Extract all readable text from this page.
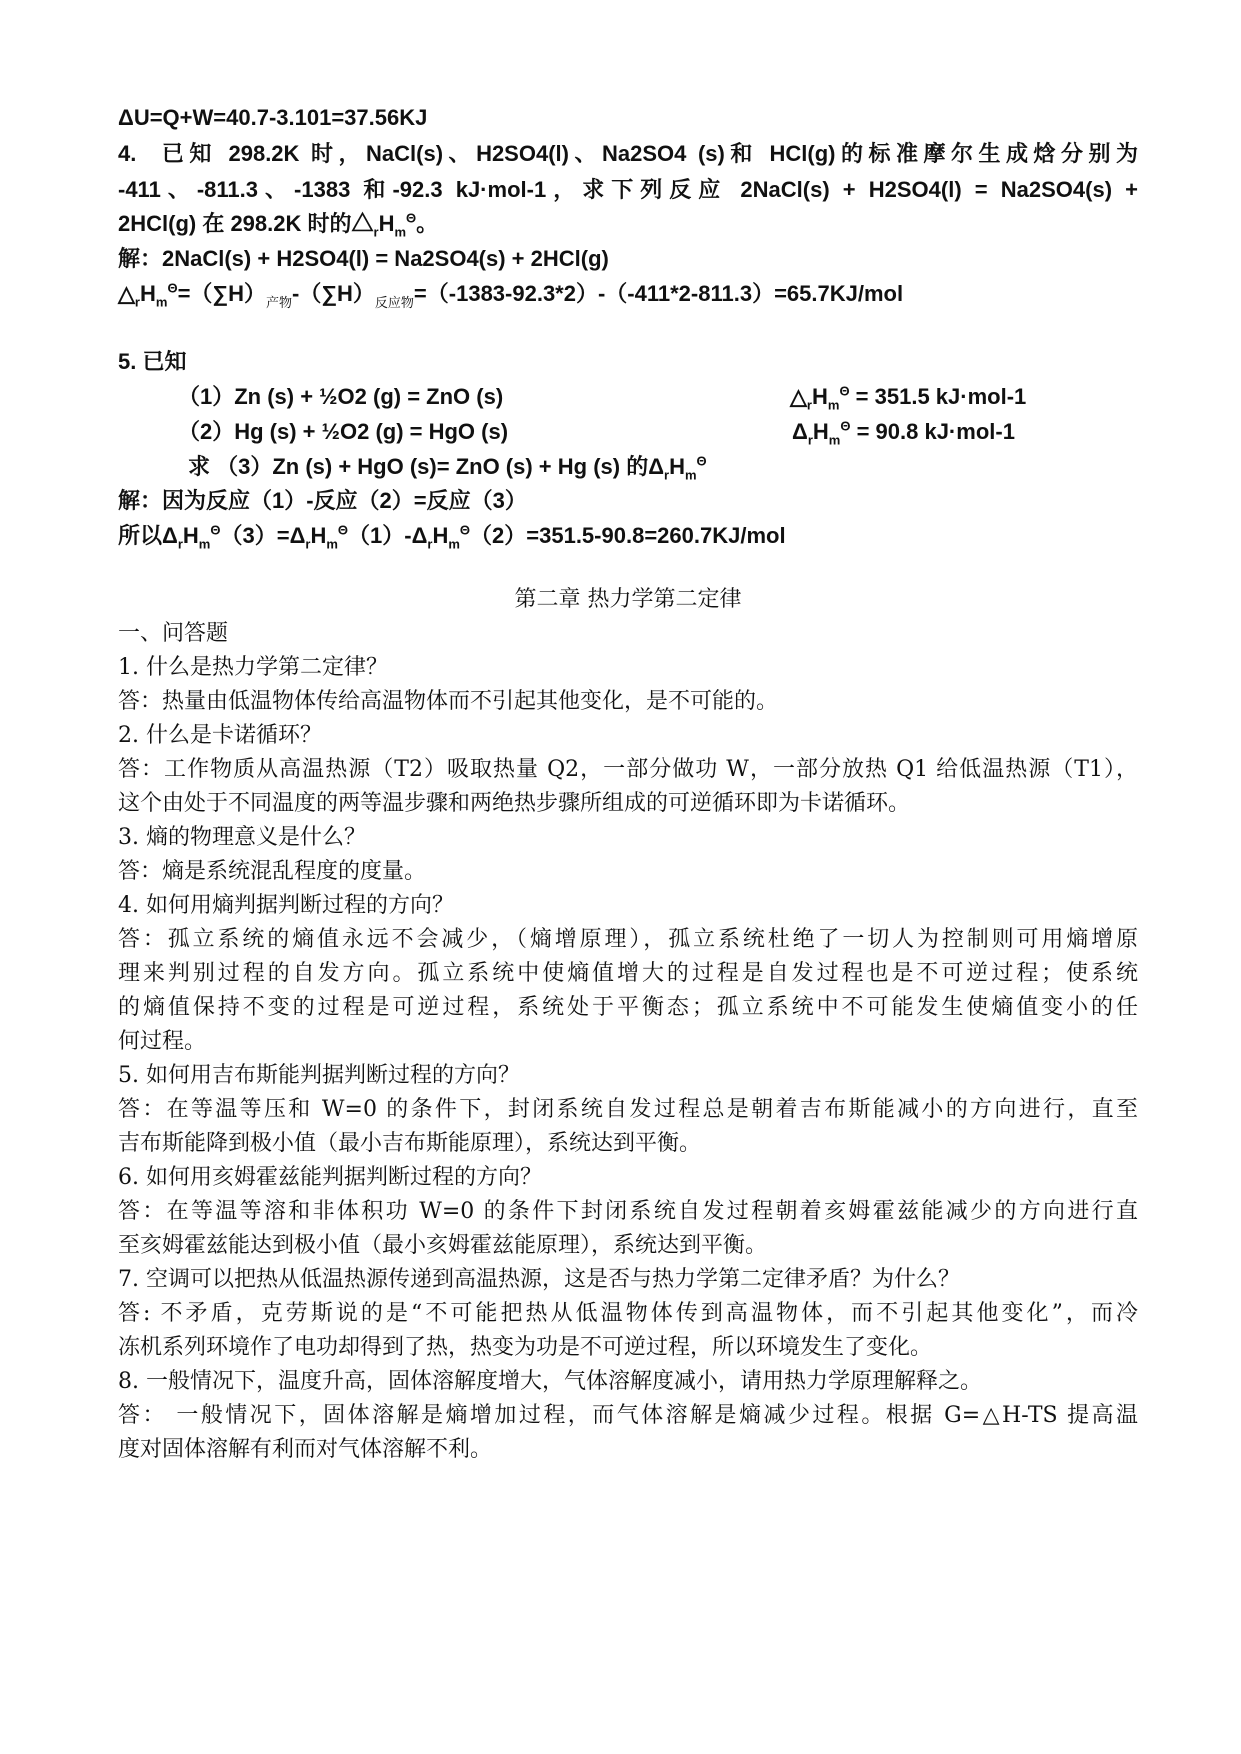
ΔU=Q+W=40.7-3.101=37.56KJ
4. 已知 298.2K 时，NaCl(s)、H2SO4(l)、Na2SO4 (s)和 HCl(g)的标准摩尔生成焓分别为
-411、-811.3、-1383 和-92.3 kJ·mol-1，求下列反应 2NaCl(s) + H2SO4(l) = Na2SO4(s) +
2HCl(g) 在 298.2K 时的$\triangle_rH_m^\Theta$。
解：2NaCl(s) + H2SO4(l) = Na2SO4(s) + 2HCl(g)
$\triangle_rH_m^\Theta=(\sum H)_{产物}-(\sum H)_{反应物}=(-1383-92.3*2)-(-411*2-811.3)=65.7KJ$/mol
5. 已知
（1）Zn (s) + ½O2 (g) = ZnO (s)	$\triangle_rH_m^\Theta = 351.5$ kJ·mol-1
（2）Hg (s) + ½O2 (g) = HgO (s)	$\Delta_rH_m^\Theta = 90.8$ kJ·mol-1
求 （3）Zn (s) + HgO (s)= ZnO (s) + Hg (s) 的$\Delta_rH_m^\Theta$
解：因为反应（1）-反应（2）=反应（3）
所以$\Delta_rH_m^\Theta(3)=\Delta_rH_m^\Theta(1)-\Delta_rH_m^\Theta(2)=351.5-90.8=260.7KJ$/mol
第二章 热力学第二定律
一、问答题
1. 什么是热力学第二定律？
答：热量由低温物体传给高温物体而不引起其他变化，是不可能的。
2. 什么是卡诺循环？
答：工作物质从高温热源（T2）吸取热量 Q2，一部分做功 W，一部分放热 Q1 给低温热源（T1），
这个由处于不同温度的两等温步骤和两绝热步骤所组成的可逆循环即为卡诺循环。
3. 熵的物理意义是什么？
答：熵是系统混乱程度的度量。
4. 如何用熵判据判断过程的方向？
答：孤立系统的熵值永远不会减少，（熵增原理），孤立系统杜绝了一切人为控制则可用熵增原
理来判别过程的自发方向。孤立系统中使熵值增大的过程是自发过程也是不可逆过程；使系统
的熵值保持不变的过程是可逆过程，系统处于平衡态；孤立系统中不可能发生使熵值变小的任
何过程。
5. 如何用吉布斯能判据判断过程的方向？
答：在等温等压和 W=0 的条件下，封闭系统自发过程总是朝着吉布斯能减小的方向进行，直至
吉布斯能降到极小值（最小吉布斯能原理），系统达到平衡。
6. 如何用亥姆霍兹能判据判断过程的方向？
答：在等温等溶和非体积功 W=0 的条件下封闭系统自发过程朝着亥姆霍兹能减少的方向进行直
至亥姆霍兹能达到极小值（最小亥姆霍兹能原理），系统达到平衡。
7. 空调可以把热从低温热源传递到高温热源，这是否与热力学第二定律矛盾？为什么？
答: 不矛盾，克劳斯说的是“不可能把热从低温物体传到高温物体，而不引起其他变化”，而冷
冻机系列环境作了电功却得到了热，热变为功是不可逆过程，所以环境发生了变化。
8. 一般情况下，温度升高，固体溶解度增大，气体溶解度减小，请用热力学原理解释之。
答： 一般情况下，固体溶解是熵增加过程，而气体溶解是熵减少过程。根据 G=△H-TS 提高温
度对固体溶解有利而对气体溶解不利。
